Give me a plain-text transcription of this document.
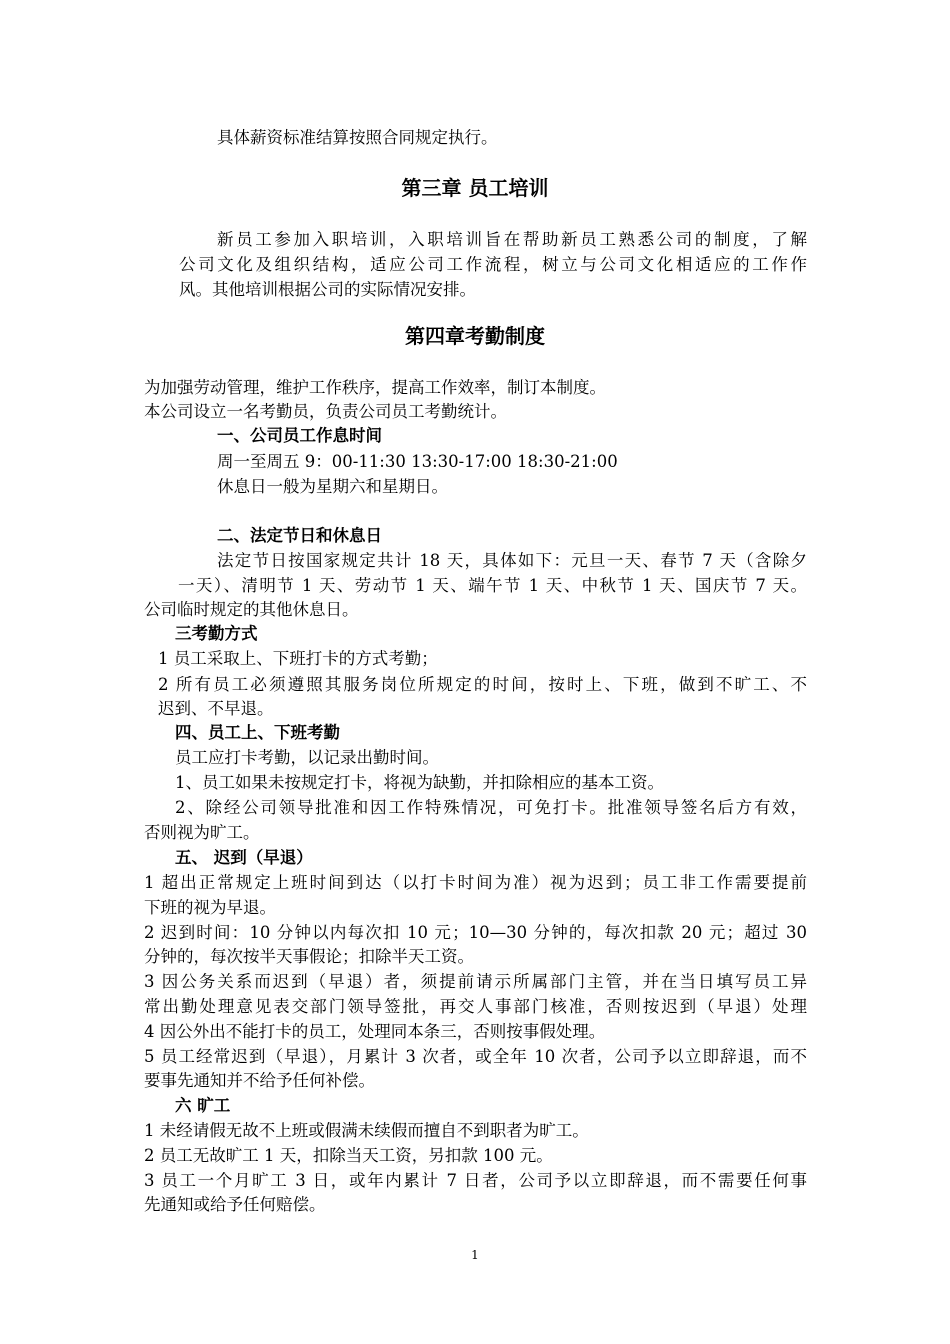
具体薪资标准结算按照合同规定执行。
第三章 员工培训
新员工参加入职培训，入职培训旨在帮助新员工熟悉公司的制度，了解
公司文化及组织结构，适应公司工作流程，树立与公司文化相适应的工作作
风。其他培训根据公司的实际情况安排。
第四章考勤制度
为加强劳动管理，维护工作秩序，提高工作效率，制订本制度。
本公司设立一名考勤员，负责公司员工考勤统计。
一、公司员工作息时间
周一至周五 9：00-11:30 13:30-17:00 18:30-21:00
休息日一般为星期六和星期日。
二、法定节日和休息日
法定节日按国家规定共计 18 天，具体如下：元旦一天、春节 7 天（含除夕
一天）、清明节 1 天、劳动节 1 天、端午节 1 天、中秋节 1 天、国庆节 7 天。
公司临时规定的其他休息日。
三考勤方式
1 员工采取上、下班打卡的方式考勤；
2 所有员工必须遵照其服务岗位所规定的时间，按时上、下班，做到不旷工、不
迟到、不早退。
四、员工上、下班考勤
员工应打卡考勤，以记录出勤时间。
1、员工如果未按规定打卡，将视为缺勤，并扣除相应的基本工资。
2、除经公司领导批准和因工作特殊情况，可免打卡。批准领导签名后方有效，
否则视为旷工。
五、 迟到（早退）
1 超出正常规定上班时间到达（以打卡时间为准）视为迟到；员工非工作需要提前
下班的视为早退。
2 迟到时间：10 分钟以内每次扣 10 元；10—30 分钟的，每次扣款 20 元；超过 30
分钟的，每次按半天事假论；扣除半天工资。
3 因公务关系而迟到（早退）者，须提前请示所属部门主管，并在当日填写员工异
常出勤处理意见表交部门领导签批，再交人事部门核准，否则按迟到（早退）处理
4 因公外出不能打卡的员工，处理同本条三，否则按事假处理。
5 员工经常迟到（早退），月累计 3 次者，或全年 10 次者，公司予以立即辞退，而不
要事先通知并不给予任何补偿。
六 旷工
1 未经请假无故不上班或假满未续假而擅自不到职者为旷工。
2 员工无故旷工 1 天，扣除当天工资，另扣款 100 元。
3 员工一个月旷工 3 日，或年内累计 7 日者，公司予以立即辞退，而不需要任何事
先通知或给予任何赔偿。
1
